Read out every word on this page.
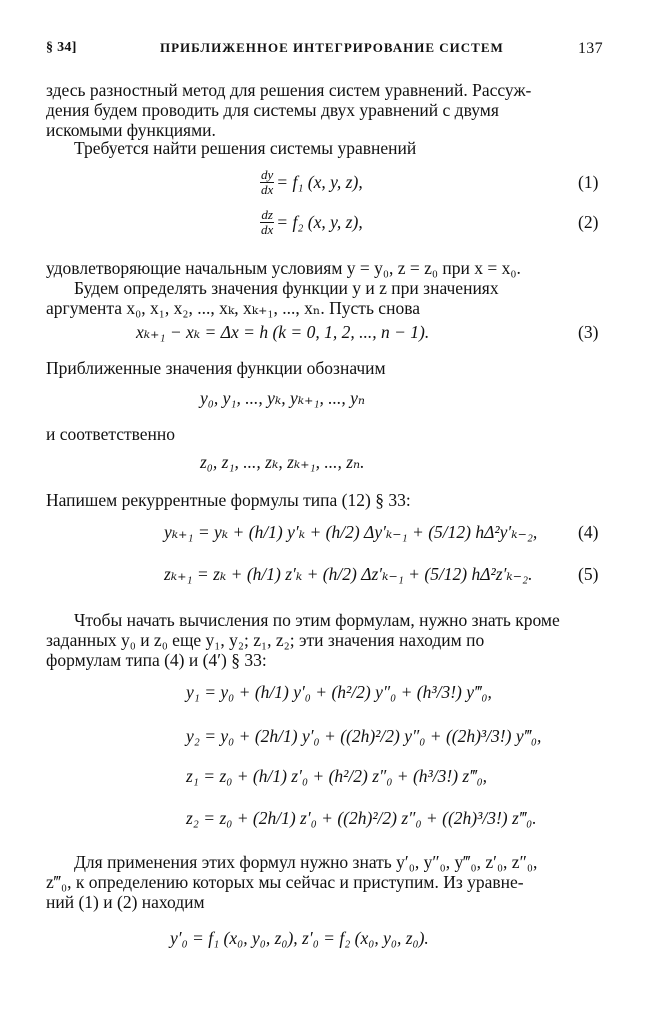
§ 34]	ПРИБЛИЖЕННОЕ ИНТЕГРИРОВАНИЕ СИСТЕМ	137
здесь разностный метод для решения систем уравнений. Рассуж-
дения будем проводить для системы двух уравнений с двумя
искомыми функциями.
Требуется найти решения системы уравнений
$\frac{dy}{dx} = f_1$ (x, y, z),	(1)
$\frac{dz}{dx} = f_2$ (x, y, z),	(2)
удовлетворяющие начальным условиям y = y₀, z = z₀ при x = x₀.
Будем определять значения функции y и z при значениях
аргумента x₀, x₁, x₂, ..., xₖ, xₖ₊₁, ..., xₙ. Пусть снова
xₖ₊₁ − xₖ = Δx = h (k = 0, 1, 2, ..., n − 1).	(3)
Приближенные значения функции обозначим
y₀, y₁, ..., yₖ, yₖ₊₁, ..., yₙ
и соответственно
z₀, z₁, ..., zₖ, zₖ₊₁, ..., zₙ.
Напишем рекуррентные формулы типа (12) § 33:
yₖ₊₁ = yₖ + (h/1) y′ₖ + (h/2) Δy′ₖ₋₁ + (5/12) hΔ²y′ₖ₋₂, (4)
zₖ₊₁ = zₖ + (h/1) z′ₖ + (h/2) Δz′ₖ₋₁ + (5/12) hΔ²z′ₖ₋₂.	(5)
Чтобы начать вычисления по этим формулам, нужно знать кроме
заданных y₀ и z₀ еще y₁, y₂; z₁, z₂; эти значения находим по
формулам типа (4) и (4′) § 33:
y₁ = y₀ + (h/1) y′₀ + (h²/2) y″₀ + (h³/3!) y‴₀,
y₂ = y₀ + (2h/1) y′₀ + ((2h)²/2) y″₀ + ((2h)³/3!) y‴₀,
z₁ = z₀ + (h/1) z′₀ + (h²/2) z″₀ + (h³/3!) z‴₀,
z₂ = z₀ + (2h/1) z′₀ + ((2h)²/2) z″₀ + ((2h)³/3!) z‴₀.
Для применения этих формул нужно знать y′₀, y″₀, y‴₀, z′₀, z″₀,
z‴₀, к определению которых мы сейчас и приступим. Из уравне-
ний (1) и (2) находим
y′₀ = f₁ (x₀, y₀, z₀), z′₀ = f₂ (x₀, y₀, z₀).
